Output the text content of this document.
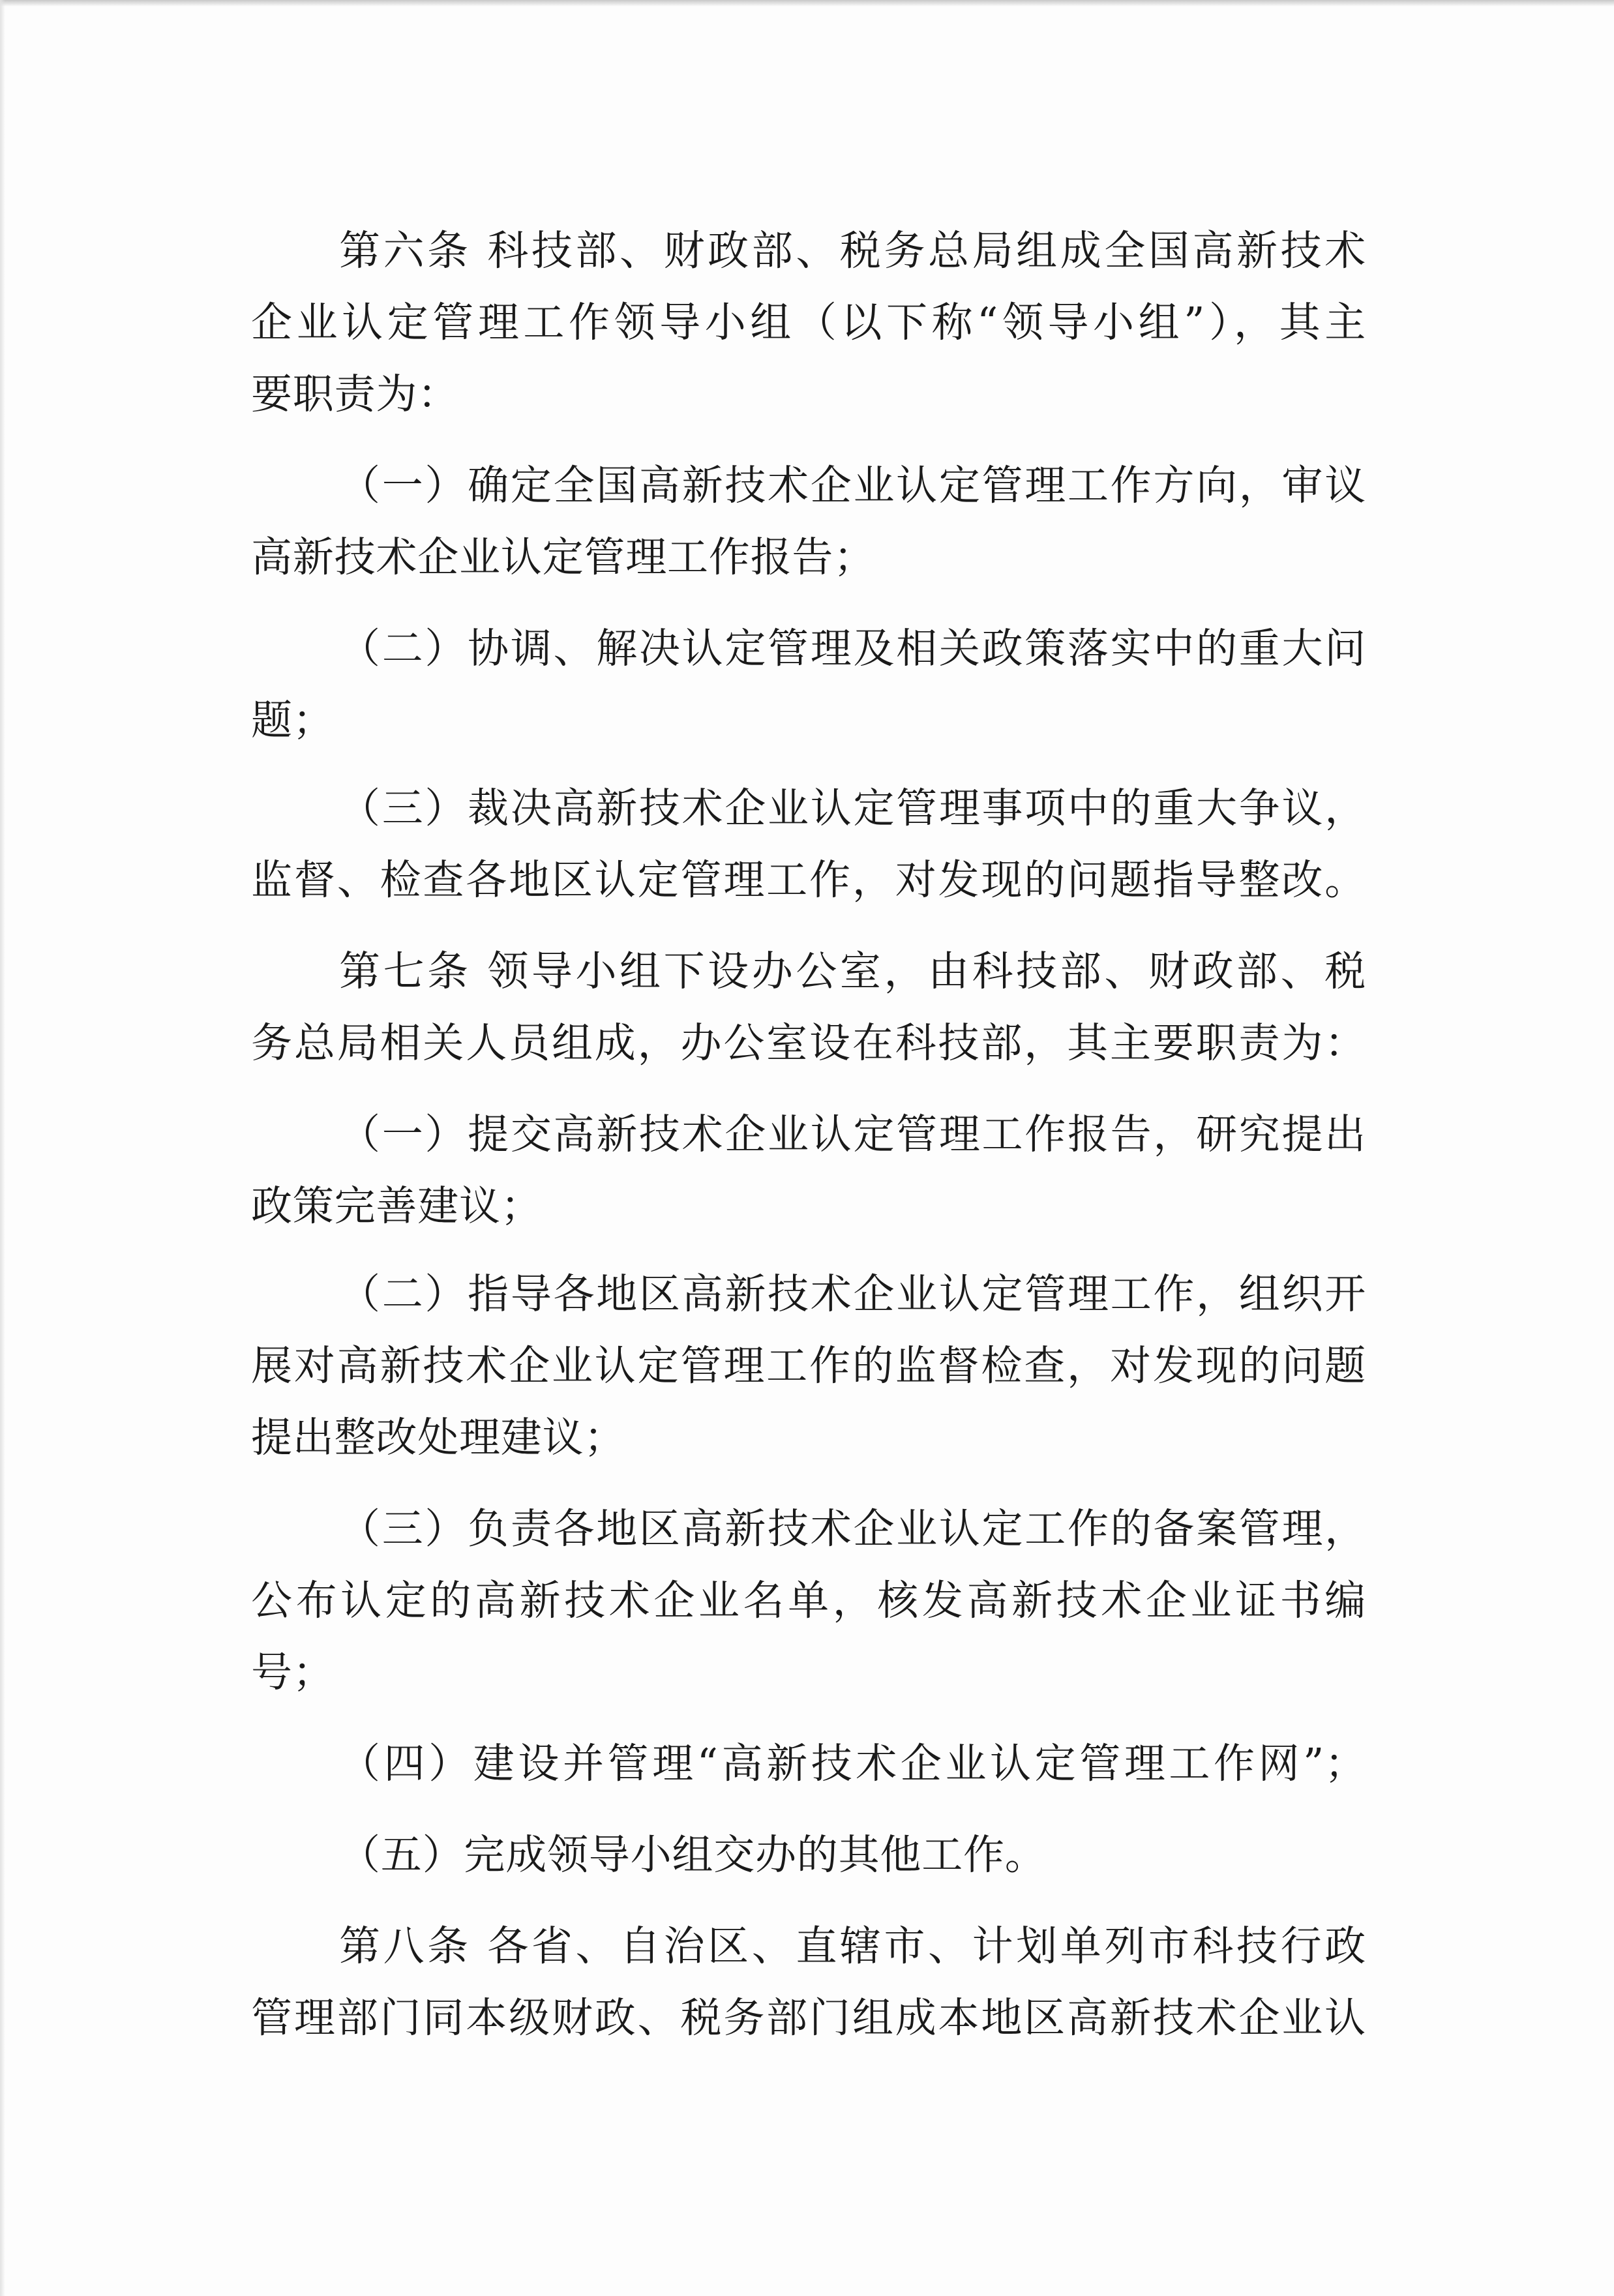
第六条 科技部、财政部、税务总局组成全国高新技术
企业认定管理工作领导小组（以下称“领导小组”），其主
要职责为：
（一）确定全国高新技术企业认定管理工作方向，审议
高新技术企业认定管理工作报告；
（二）协调、解决认定管理及相关政策落实中的重大问
题；
（三）裁决高新技术企业认定管理事项中的重大争议，
监督、检查各地区认定管理工作，对发现的问题指导整改。
第七条 领导小组下设办公室，由科技部、财政部、税
务总局相关人员组成，办公室设在科技部，其主要职责为：
（一）提交高新技术企业认定管理工作报告，研究提出
政策完善建议；
（二）指导各地区高新技术企业认定管理工作，组织开
展对高新技术企业认定管理工作的监督检查，对发现的问题
提出整改处理建议；
（三）负责各地区高新技术企业认定工作的备案管理，
公布认定的高新技术企业名单，核发高新技术企业证书编
号；
（四）建设并管理“高新技术企业认定管理工作网”；
（五）完成领导小组交办的其他工作。
第八条 各省、自治区、直辖市、计划单列市科技行政
管理部门同本级财政、税务部门组成本地区高新技术企业认
